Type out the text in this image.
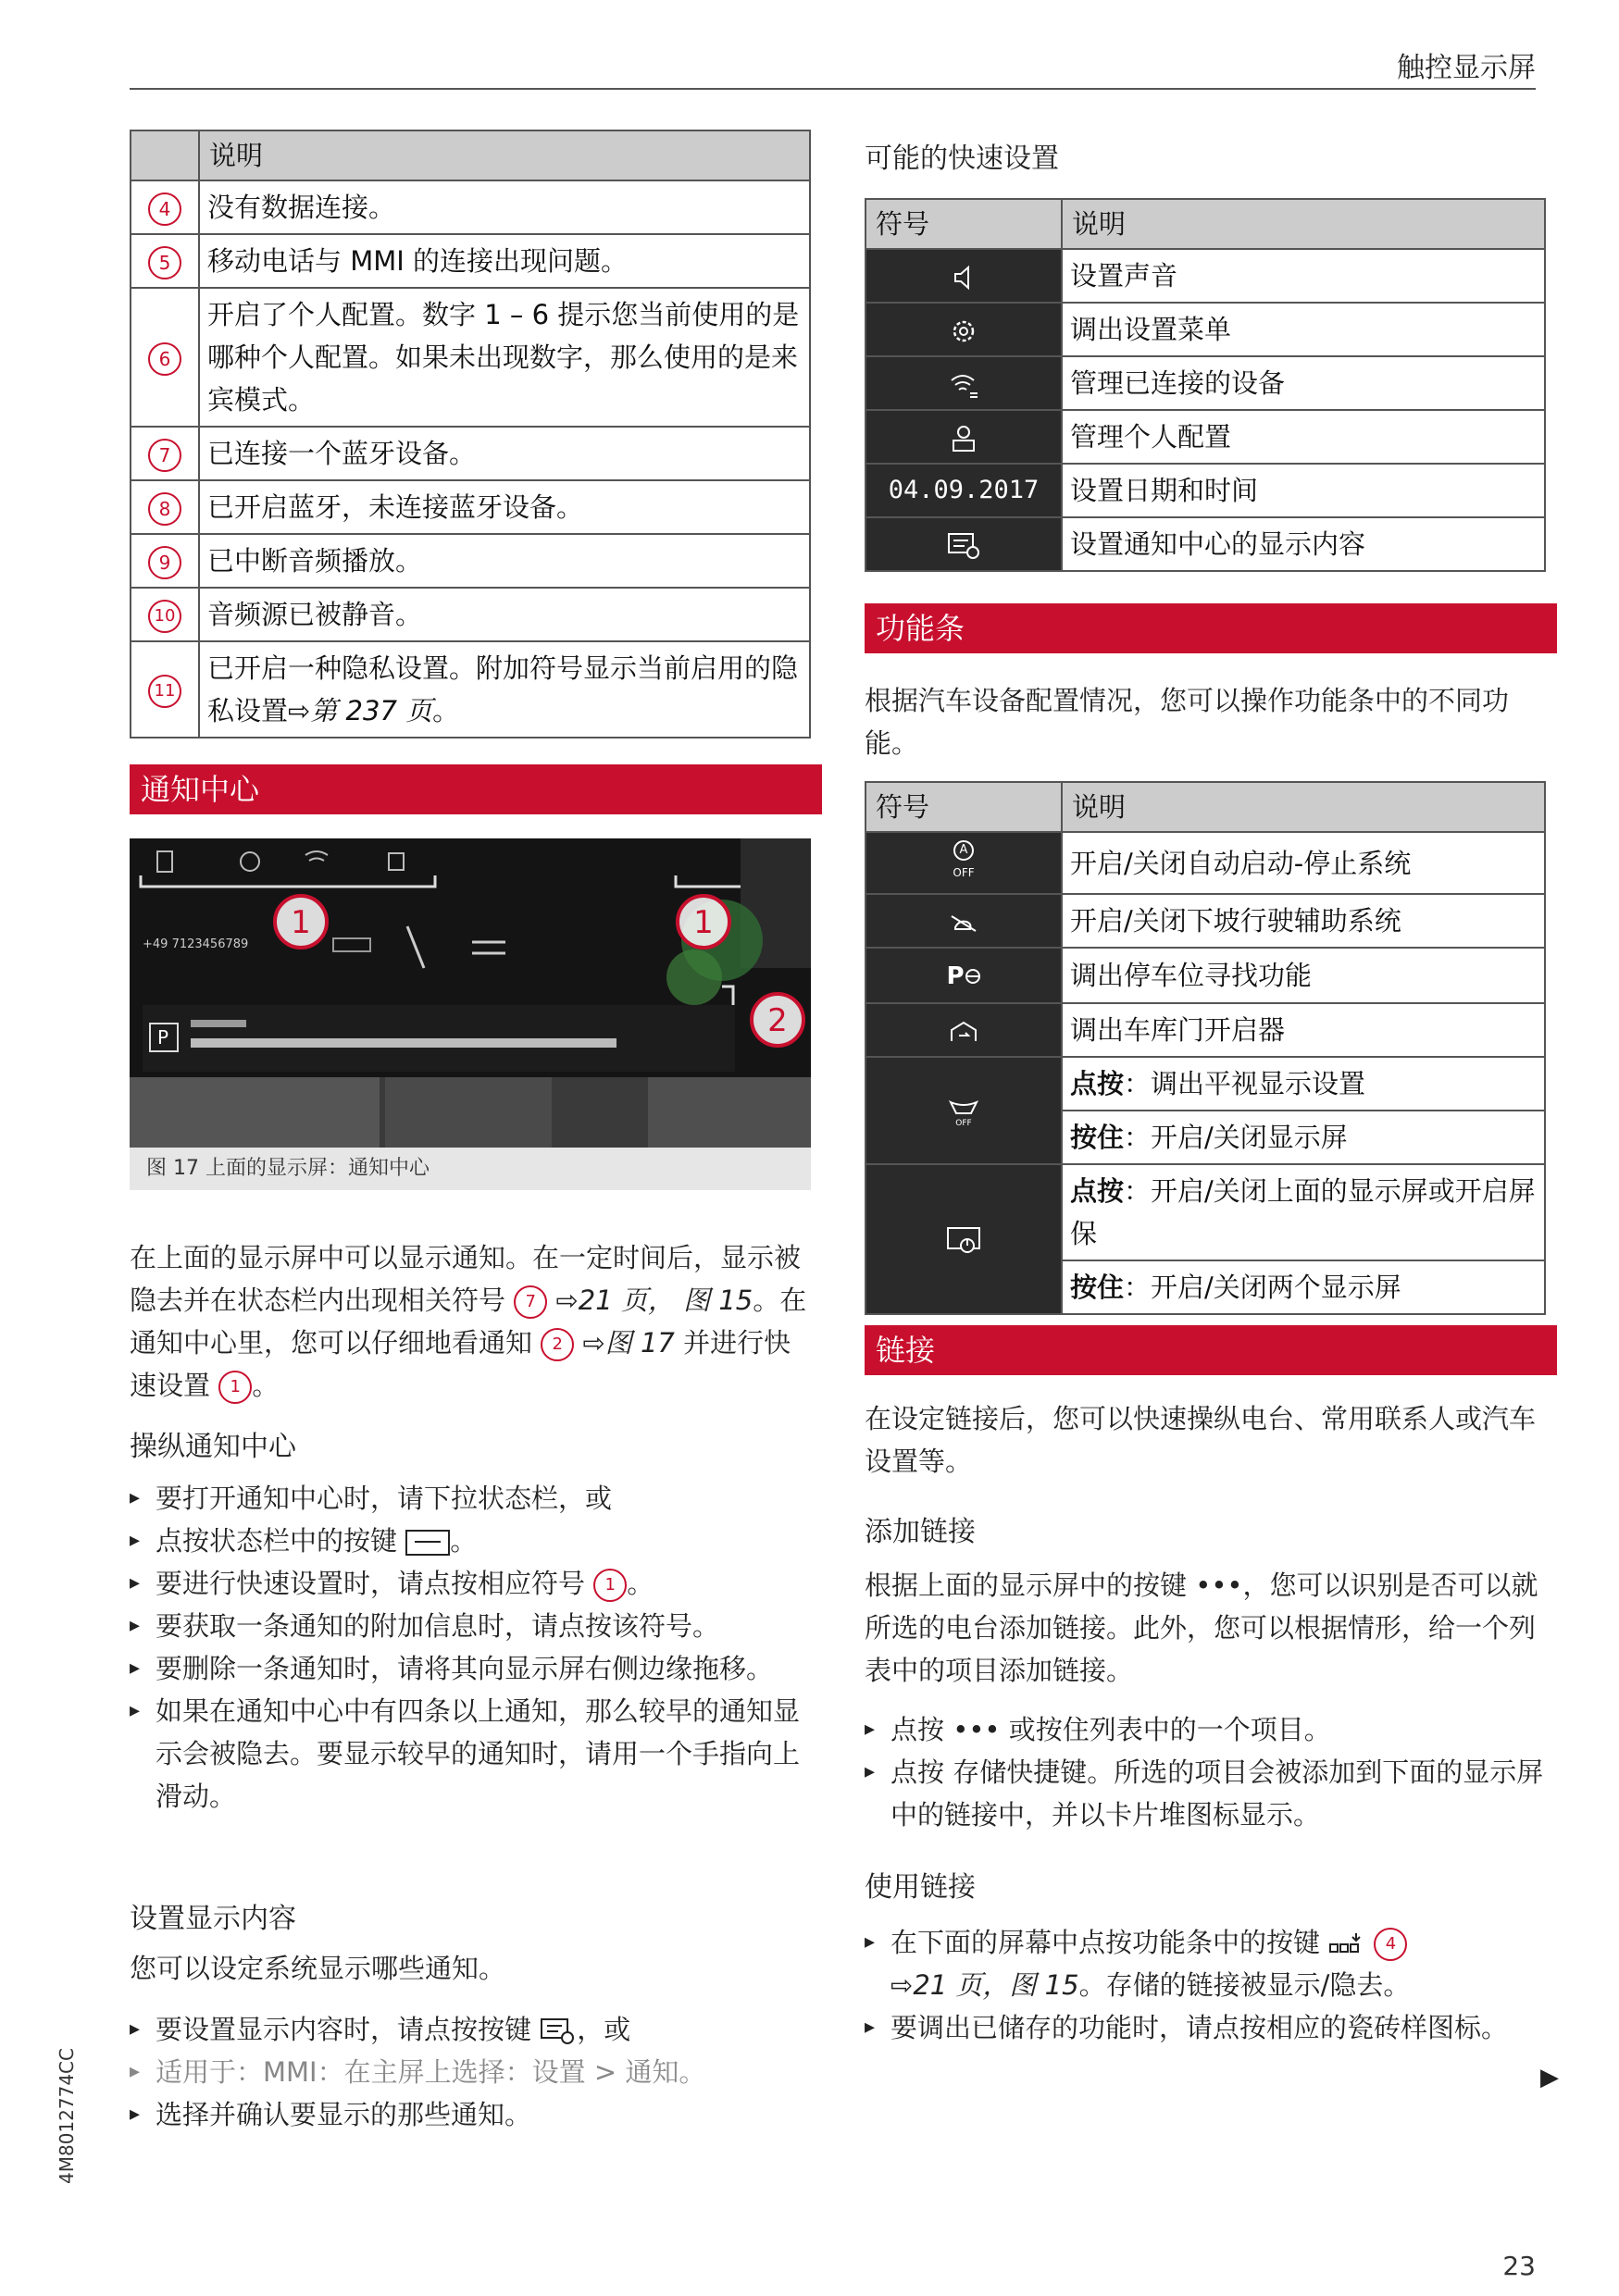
触控显示屏
	说明
4	没有数据连接。
5	移动电话与 MMI 的连接出现问题。
6	开启了个人配置。数字 1 – 6 提示您当前使用的是哪种个人配置。如果未出现数字，那么使用的是来宾模式。
7	已连接一个蓝牙设备。
8	已开启蓝牙，未连接蓝牙设备。
9	已中断音频播放。
10	音频源已被静音。
11	已开启一种隐私设置。附加符号显示当前启用的隐私设置⇨第 237 页。
通知中心
+49 7123456789
P
1	1
2
图 17 上面的显示屏：通知中心
在上面的显示屏中可以显示通知。在一定时间后，显示被隐去并在状态栏内出现相关符号 7 ⇨21 页， 图 15。在通知中心里，您可以仔细地看通知 2 ⇨图 17 并进行快速设置 1 。
操纵通知中心
▸ 要打开通知中心时，请下拉状态栏，或
▸ 点按状态栏中的按键 。
▸ 要进行快速设置时，请点按相应符号 1 。
▸ 要获取一条通知的附加信息时，请点按该符号。
▸ 要删除一条通知时，请将其向显示屏右侧边缘拖移。
▸ 如果在通知中心中有四条以上通知，那么较早的通知显示会被隐去。要显示较早的通知时，请用一个手指向上滑动。
设置显示内容
您可以设定系统显示哪些通知。
▸ 要设置显示内容时，请点按按键 ，或
▸ 适用于：MMI：在主屏上选择：设置 > 通知。
▸ 选择并确认要显示的那些通知。
可能的快速设置
符号	说明
	设置声音
	调出设置菜单
	管理已连接的设备
	管理个人配置
04.09.2017	设置日期和时间
	设置通知中心的显示内容
功能条
根据汽车设备配置情况，您可以操作功能条中的不同功能。
符号	说明
A
OFF	开启/关闭自动启动-停止系统
	开启/关闭下坡行驶辅助系统
P	调出停车位寻找功能
	调出车库门开启器

OFF	点按：调出平视显示设置
	按住：开启/关闭显示屏
	点按：开启/关闭上面的显示屏或开启屏保
	按住：开启/关闭两个显示屏
链接
在设定链接后，您可以快速操纵电台、常用联系人或汽车设置等。
添加链接
根据上面的显示屏中的按键 •••，您可以识别是否可以就所选的电台添加链接。此外，您可以根据情形，给一个列表中的项目添加链接。
▸ 点按 ••• 或按住列表中的一个项目。
▸ 点按 存储快捷键。所选的项目会被添加到下面的显示屏中的链接中，并以卡片堆图标显示。
使用链接
▸ 在下面的屏幕中点按功能条中的按键	4
⇨21 页，图 15。存储的链接被显示/隐去。
▸ 要调出已储存的功能时，请点按相应的瓷砖样图标。
▶
4M8012774CC
23
